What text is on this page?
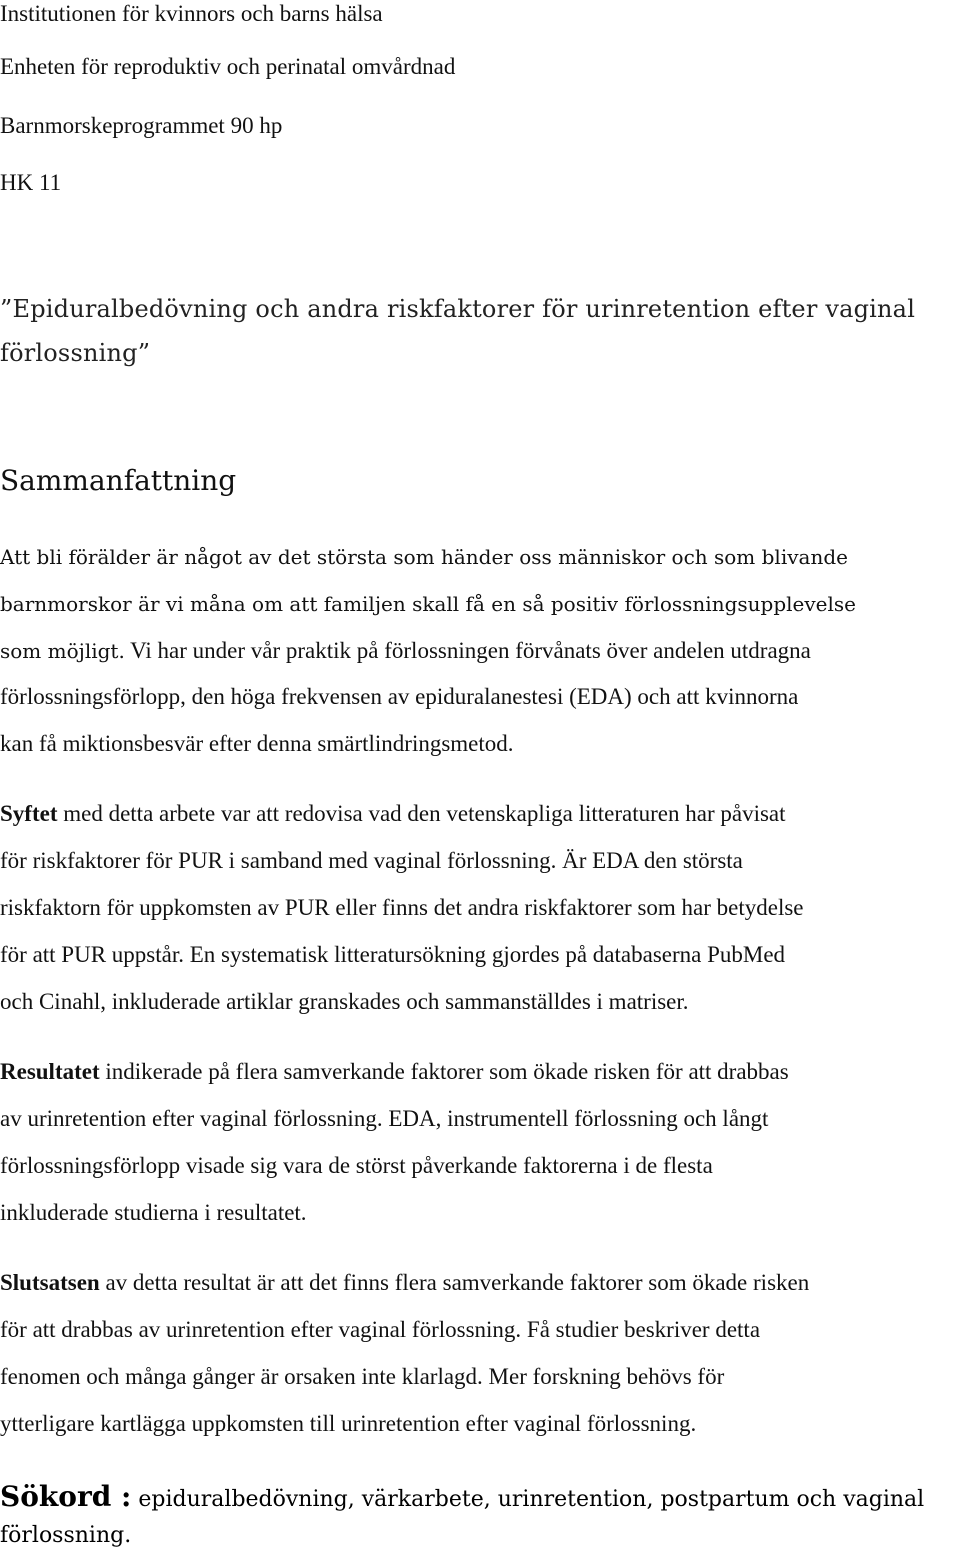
Institutionen för kvinnors och barns hälsa

Enheten för reproduktiv och perinatal omvårdnad

Barnmorskeprogrammet 90 hp

HK 11

”Epiduralbedövning och andra riskfaktorer för urinretention efter vaginal

förlossning”

Sammanfattning

Att bli förälder är något av det största som händer oss människor och som blivande

barnmorskor är vi måna om att familjen skall få en så positiv förlossningsupplevelse

som möjligt. Vi har under vår praktik på förlossningen förvånats över andelen utdragna

förlossningsförlopp, den höga frekvensen av epiduralanestesi (EDA) och att kvinnorna

kan få miktionsbesvär efter denna smärtlindringsmetod.

Syftet med detta arbete var att redovisa vad den vetenskapliga litteraturen har påvisat

för riskfaktorer för PUR i samband med vaginal förlossning. Är EDA den största

riskfaktorn för uppkomsten av PUR eller finns det andra riskfaktorer som har betydelse

för att PUR uppstår. En systematisk litteratursökning gjordes på databaserna PubMed

och Cinahl, inkluderade artiklar granskades och sammanställdes i matriser.

Resultatet indikerade på flera samverkande faktorer som ökade risken för att drabbas

av urinretention efter vaginal förlossning. EDA, instrumentell förlossning och långt

förlossningsförlopp visade sig vara de störst påverkande faktorerna i de flesta

inkluderade studierna i resultatet.

Slutsatsen av detta resultat är att det finns flera samverkande faktorer som ökade risken

för att drabbas av urinretention efter vaginal förlossning. Få studier beskriver detta

fenomen och många gånger är orsaken inte klarlagd. Mer forskning behövs för

ytterligare kartlägga uppkomsten till urinretention efter vaginal förlossning.

Sökord : epiduralbedövning, värkarbete, urinretention, postpartum och vaginal

förlossning.
